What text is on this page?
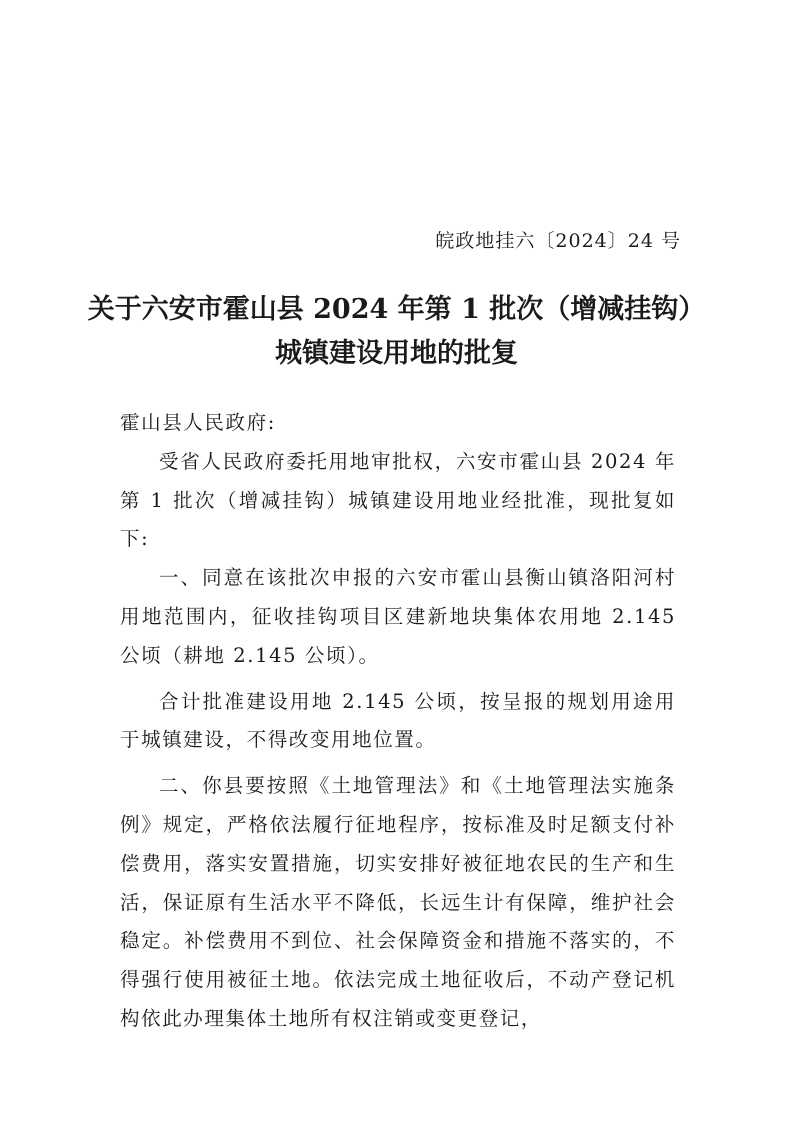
皖政地挂六〔2024〕24 号
关于六安市霍山县 2024 年第 1 批次（增减挂钩）
城镇建设用地的批复

霍山县人民政府:

受省人民政府委托用地审批权，六安市霍山县 2024 年第 1 批次（增减挂钩）城镇建设用地业经批准，现批复如下:

一、同意在该批次申报的六安市霍山县衡山镇洛阳河村用地范围内，征收挂钩项目区建新地块集体农用地 2.145 公顷（耕地 2.145 公顷）。

合计批准建设用地 2.145 公顷，按呈报的规划用途用于城镇建设，不得改变用地位置。

二、你县要按照《土地管理法》和《土地管理法实施条例》规定，严格依法履行征地程序，按标准及时足额支付补偿费用，落实安置措施，切实安排好被征地农民的生产和生活，保证原有生活水平不降低，长远生计有保障，维护社会稳定。补偿费用不到位、社会保障资金和措施不落实的，不得强行使用被征土地。依法完成土地征收后，不动产登记机构依此办理集体土地所有权注销或变更登记，
